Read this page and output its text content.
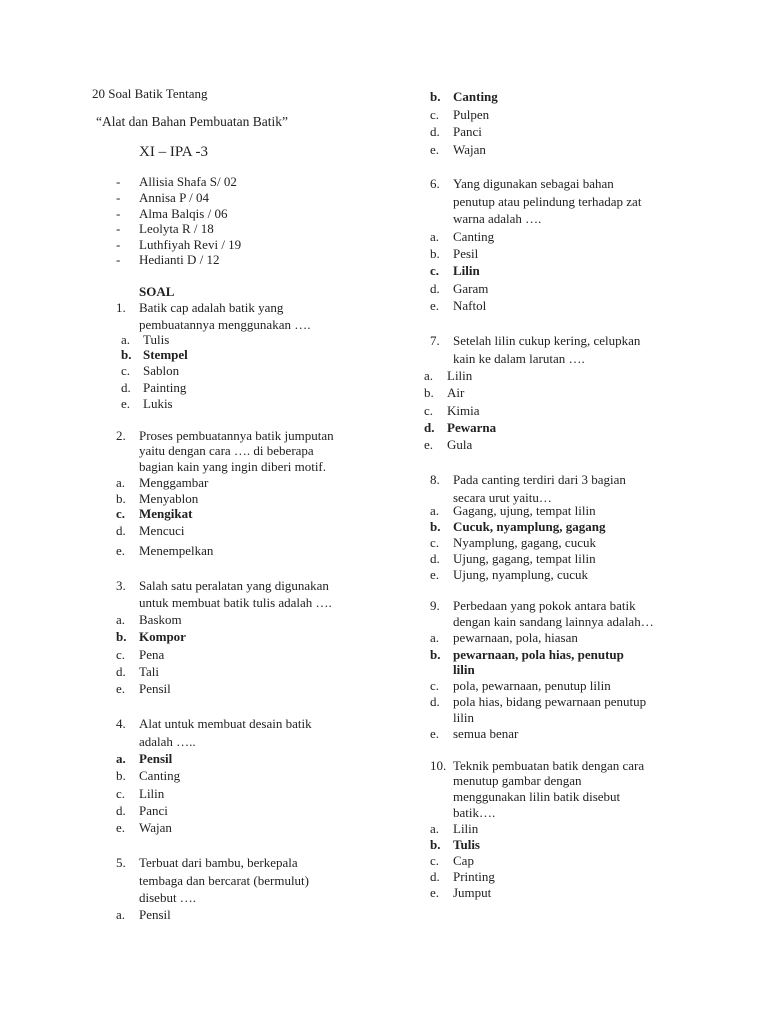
20 Soal Batik Tentang
“Alat dan Bahan Pembuatan Batik”
XI – IPA -3
- Allisia Shafa S/ 02
- Annisa P / 04
- Alma Balqis / 06
- Leolyta R / 18
- Luthfiyah Revi / 19
- Hedianti D / 12
SOAL
1. Batik cap adalah batik yang
pembuatannya menggunakan ….
a. Tulis
b. Stempel
c. Sablon
d. Painting
e. Lukis
2. Proses pembuatannya batik jumputan
yaitu dengan cara …. di beberapa
bagian kain yang ingin diberi motif.
a. Menggambar
b. Menyablon
c. Mengikat
d. Mencuci
e. Menempelkan
3. Salah satu peralatan yang digunakan
untuk membuat batik tulis adalah ….
a. Baskom
b. Kompor
c. Pena
d. Tali
e. Pensil
4. Alat untuk membuat desain batik
adalah …..
a. Pensil
b. Canting
c. Lilin
d. Panci
e. Wajan
5. Terbuat dari bambu, berkepala
tembaga dan bercarat (bermulut)
disebut ….
a. Pensil
b. Canting
c. Pulpen
d. Panci
e. Wajan
6. Yang digunakan sebagai bahan
penutup atau pelindung terhadap zat
warna adalah ….
a. Canting
b. Pesil
c. Lilin
d. Garam
e. Naftol
7. Setelah lilin cukup kering, celupkan
kain ke dalam larutan ….
a. Lilin
b. Air
c. Kimia
d. Pewarna
e. Gula
8. Pada canting terdiri dari 3 bagian
secara urut yaitu…
a. Gagang, ujung, tempat lilin
b. Cucuk, nyamplung, gagang
c. Nyamplung, gagang, cucuk
d. Ujung, gagang, tempat lilin
e. Ujung, nyamplung, cucuk
9. Perbedaan yang pokok antara batik
dengan kain sandang lainnya adalah…
a. pewarnaan, pola, hiasan
b. pewarnaan, pola hias, penutup
lilin
c. pola, pewarnaan, penutup lilin
d. pola hias, bidang pewarnaan penutup
lilin
e. semua benar
10. Teknik pembuatan batik dengan cara
menutup gambar dengan
menggunakan lilin batik disebut
batik….
a. Lilin
b. Tulis
c. Cap
d. Printing
e. Jumput
